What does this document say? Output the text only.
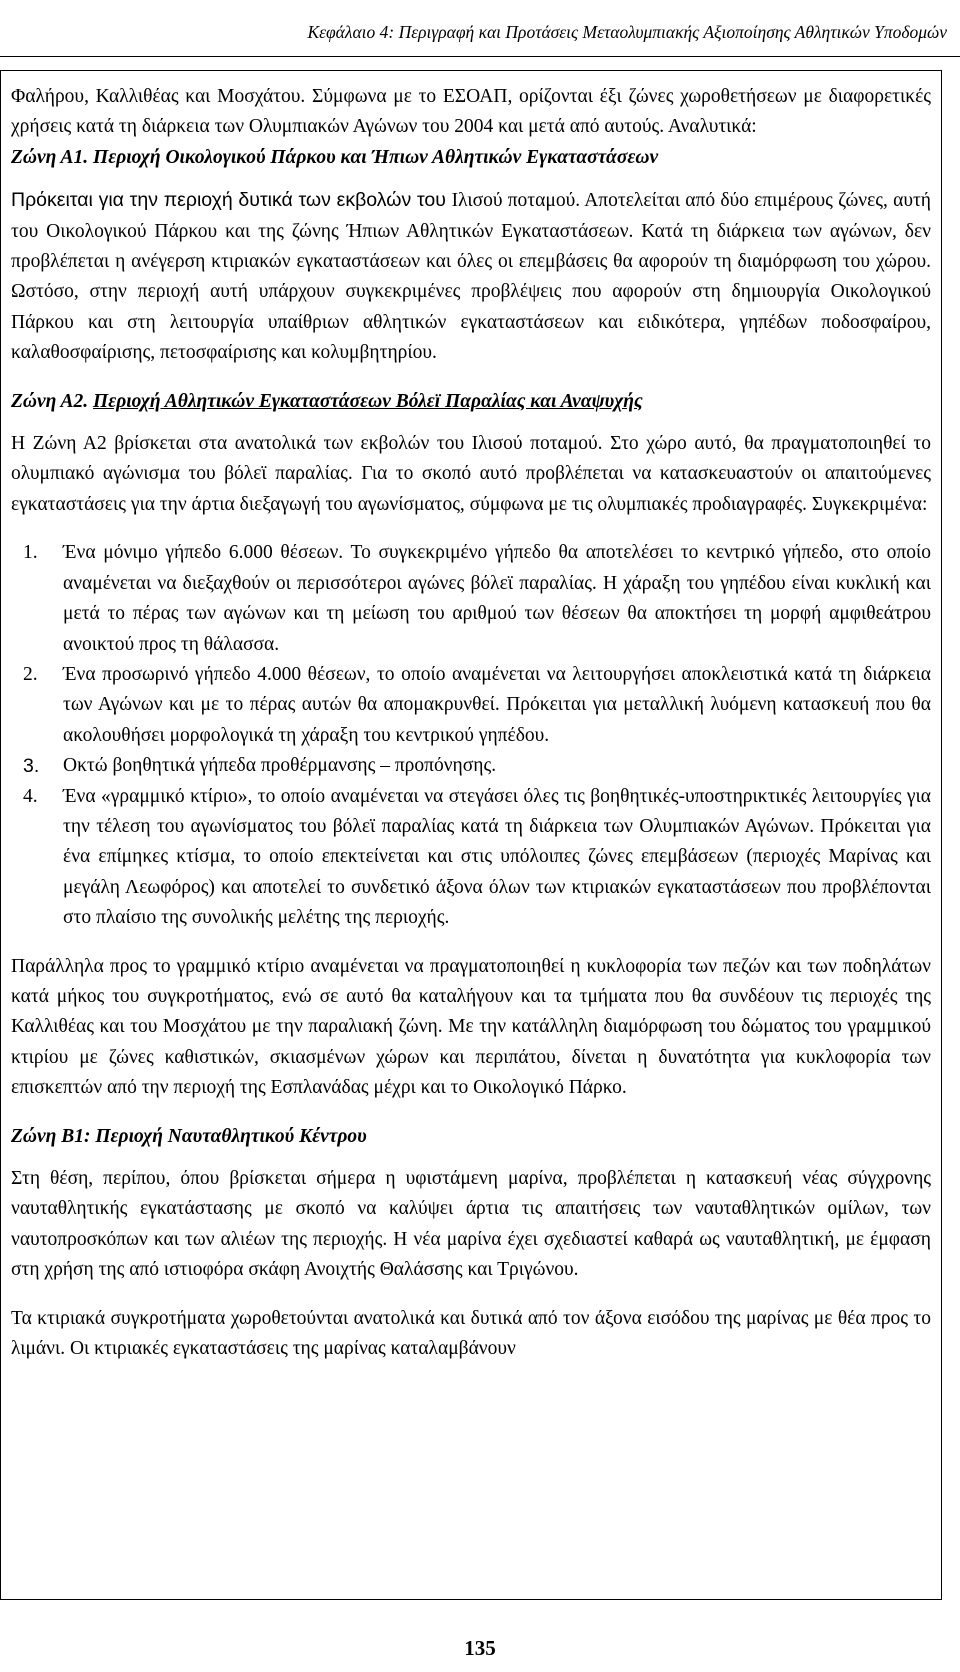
Κεφάλαιο 4: Περιγραφή και Προτάσεις Μεταολυμπιακής Αξιοποίησης Αθλητικών Υποδομών

Φαλήρου, Καλλιθέας και Μοσχάτου. Σύμφωνα με το ΕΣΟΑΠ, ορίζονται έξι ζώνες χωροθετήσεων με διαφορετικές χρήσεις κατά τη διάρκεια των Ολυμπιακών Αγώνων του 2004 και μετά από αυτούς. Αναλυτικά:

Ζώνη Α1. Περιοχή Οικολογικού Πάρκου και Ήπιων Αθλητικών Εγκαταστάσεων

Πρόκειται για την περιοχή δυτικά των εκβολών του Ιλισού ποταμού. Αποτελείται από δύο επιμέρους ζώνες, αυτή του Οικολογικού Πάρκου και της ζώνης Ήπιων Αθλητικών Εγκαταστάσεων. Κατά τη διάρκεια των αγώνων, δεν προβλέπεται η ανέγερση κτιριακών εγκαταστάσεων και όλες οι επεμβάσεις θα αφορούν τη διαμόρφωση του χώρου. Ωστόσο, στην περιοχή αυτή υπάρχουν συγκεκριμένες προβλέψεις που αφορούν στη δημιουργία Οικολογικού Πάρκου και στη λειτουργία υπαίθριων αθλητικών εγκαταστάσεων και ειδικότερα, γηπέδων ποδοσφαίρου, καλαθοσφαίρισης, πετοσφαίρισης και κολυμβητηρίου.

Ζώνη Α2. Περιοχή Αθλητικών Εγκαταστάσεων Βόλεϊ Παραλίας και Αναψυχής

Η Ζώνη Α2 βρίσκεται στα ανατολικά των εκβολών του Ιλισού ποταμού. Στο χώρο αυτό, θα πραγματοποιηθεί το ολυμπιακό αγώνισμα του βόλεϊ παραλίας. Για το σκοπό αυτό προβλέπεται να κατασκευαστούν οι απαιτούμενες εγκαταστάσεις για την άρτια διεξαγωγή του αγωνίσματος, σύμφωνα με τις ολυμπιακές προδιαγραφές. Συγκεκριμένα:

1. Ένα μόνιμο γήπεδο 6.000 θέσεων. Το συγκεκριμένο γήπεδο θα αποτελέσει το κεντρικό γήπεδο, στο οποίο αναμένεται να διεξαχθούν οι περισσότεροι αγώνες βόλεϊ παραλίας. Η χάραξη του γηπέδου είναι κυκλική και μετά το πέρας των αγώνων και τη μείωση του αριθμού των θέσεων θα αποκτήσει τη μορφή αμφιθεάτρου ανοικτού προς τη θάλασσα.
2. Ένα προσωρινό γήπεδο 4.000 θέσεων, το οποίο αναμένεται να λειτουργήσει αποκλειστικά κατά τη διάρκεια των Αγώνων και με το πέρας αυτών θα απομακρυνθεί. Πρόκειται για μεταλλική λυόμενη κατασκευή που θα ακολουθήσει μορφολογικά τη χάραξη του κεντρικού γηπέδου.
3. Οκτώ βοηθητικά γήπεδα προθέρμανσης – προπόνησης.
4. Ένα «γραμμικό κτίριο», το οποίο αναμένεται να στεγάσει όλες τις βοηθητικές-υποστηρικτικές λειτουργίες για την τέλεση του αγωνίσματος του βόλεϊ παραλίας κατά τη διάρκεια των Ολυμπιακών Αγώνων. Πρόκειται για ένα επίμηκες κτίσμα, το οποίο επεκτείνεται και στις υπόλοιπες ζώνες επεμβάσεων (περιοχές Μαρίνας και μεγάλη Λεωφόρος) και αποτελεί το συνδετικό άξονα όλων των κτιριακών εγκαταστάσεων που προβλέπονται στο πλαίσιο της συνολικής μελέτης της περιοχής.

Παράλληλα προς το γραμμικό κτίριο αναμένεται να πραγματοποιηθεί η κυκλοφορία των πεζών και των ποδηλάτων κατά μήκος του συγκροτήματος, ενώ σε αυτό θα καταλήγουν και τα τμήματα που θα συνδέουν τις περιοχές της Καλλιθέας και του Μοσχάτου με την παραλιακή ζώνη. Με την κατάλληλη διαμόρφωση του δώματος του γραμμικού κτιρίου με ζώνες καθιστικών, σκιασμένων χώρων και περιπάτου, δίνεται η δυνατότητα για κυκλοφορία των επισκεπτών από την περιοχή της Εσπλανάδας μέχρι και το Οικολογικό Πάρκο.

Ζώνη Β1: Περιοχή Ναυταθλητικού Κέντρου

Στη θέση, περίπου, όπου βρίσκεται σήμερα η υφιστάμενη μαρίνα, προβλέπεται η κατασκευή νέας σύγχρονης ναυταθλητικής εγκατάστασης με σκοπό να καλύψει άρτια τις απαιτήσεις των ναυταθλητικών ομίλων, των ναυτοπροσκόπων και των αλιέων της περιοχής. Η νέα μαρίνα έχει σχεδιαστεί καθαρά ως ναυταθλητική, με έμφαση στη χρήση της από ιστιοφόρα σκάφη Ανοιχτής Θαλάσσης και Τριγώνου.

Τα κτιριακά συγκροτήματα χωροθετούνται ανατολικά και δυτικά από τον άξονα εισόδου της μαρίνας με θέα προς το λιμάνι. Οι κτιριακές εγκαταστάσεις της μαρίνας καταλαμβάνουν

135
